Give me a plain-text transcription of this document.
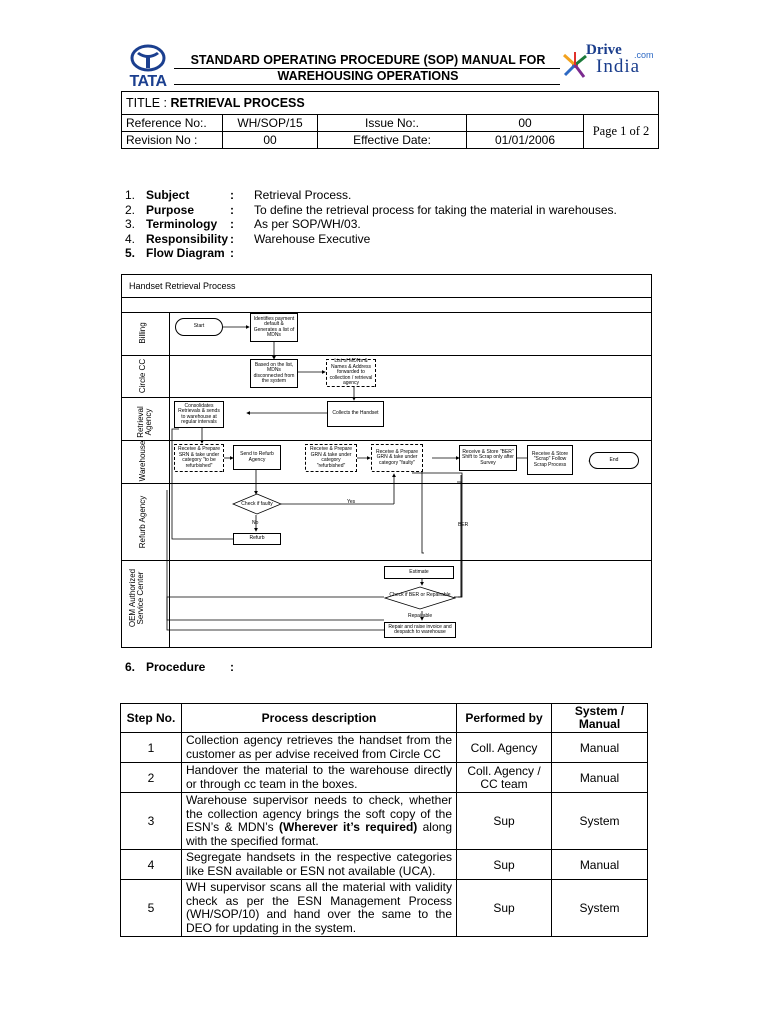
TATA
STANDARD OPERATING PROCEDURE (SOP) MANUAL FOR
WAREHOUSING OPERATIONS
Drive .com
India
TITLE : RETRIEVAL PROCESS				
Reference No:.	WH/SOP/15	Issue No:.	00	Page 1 of 2
Revision No :	00	Effective Date:	01/01/2006	
1. Subject	:	Retrieval Process.
2. Purpose	:	To define the retrieval process for taking the material in warehouses.
3. Terminology	:	As per SOP/WH/03.
4. Responsibility :	Warehouse Executive
5. Flow Diagram :
Handset Retrieval Process
Billing
Circle CC
Retrieval Agency
Warehouse
Refurb Agency
OEM Authorized Service Center
Start
Identifies payment default & Generates a list of MDNs
Based on the list, MDNs disconnected from the system
List of MDNs & Names & Address forwarded to collection / retrieval agency
Consolidates Retrievals & sends to warehouse at regular intervals
Collects the Handset
Receive & Prepare SRN & take under category "to be refurbished"
Send to Refurb Agency
Receive & Prepare GRN & take under category "refurbished"
Receive & Prepare GRN & take under category "faulty"
Receive & Store "BER" Shift to Scrap only after Survey
Receive & Store "Scrap" Follow Scrap Process
End
Check if faulty
Refurb
Estimate
Check if BER or Repairable
Repair and raise invoice and despatch to warehouse
Yes
No	BER
Repairable
6. Procedure :
Step No.	Process description	Performed by	System / Manual
1	Collection agency retrieves the handset from the customer as per advise received from Circle CC	Coll. Agency	Manual
2	Handover the material to the warehouse directly or through cc team in the boxes.	Coll. Agency / CC team	Manual
3	Warehouse supervisor needs to check, whether the collection agency brings the soft copy of the ESN’s & MDN’s (Wherever it’s required) along with the specified format.	Sup	System
4	Segregate handsets in the respective categories like ESN available or ESN not available (UCA).	Sup	Manual
5	WH supervisor scans all the material with validity check as per the ESN Management Process (WH/SOP/10) and hand over the same to the DEO for updating in the system.	Sup	System
